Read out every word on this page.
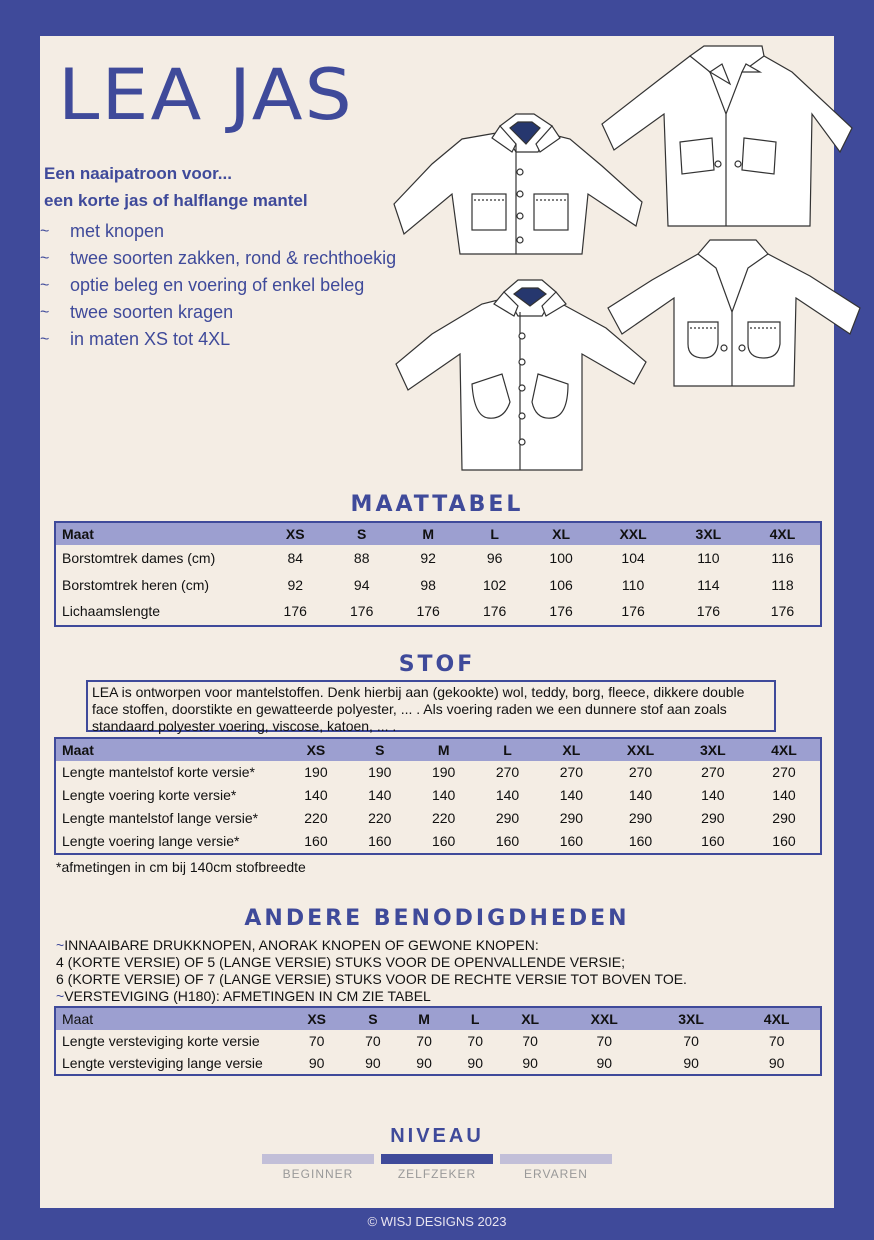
LEA JAS
Een naaipatroon voor...
een korte jas of halflange mantel
~	met knopen
~	twee soorten zakken, rond & rechthoekig
~	optie beleg en voering of enkel beleg
~	twee soorten kragen
~	in maten XS tot 4XL
MAATTABEL
Maat	XS	S	M	L	XL	XXL	3XL	4XL
Borstomtrek dames (cm)	84	88	92	96	100	104	110	116
Borstomtrek heren (cm)	92	94	98	102	106	110	114	118
Lichaamslengte	176	176	176	176	176	176	176	176
STOF
LEA is ontworpen voor mantelstoffen. Denk hierbij aan (gekookte) wol, teddy, borg, fleece, dikkere double face stoffen, doorstikte en gewatteerde polyester, ... . Als voering raden we een dunnere stof aan zoals standaard polyester voering, viscose, katoen, ... .
Maat	XS	S	M	L	XL	XXL	3XL	4XL
Lengte mantelstof korte versie*	190	190	190	270	270	270	270	270
Lengte voering korte versie*	140	140	140	140	140	140	140	140
Lengte mantelstof lange versie*	220	220	220	290	290	290	290	290
Lengte voering lange versie*	160	160	160	160	160	160	160	160
*afmetingen in cm bij 140cm stofbreedte
ANDERE BENODIGDHEDEN
~INNAAIBARE DRUKKNOPEN, ANORAK KNOPEN OF GEWONE KNOPEN:
4 (KORTE VERSIE) OF 5 (LANGE VERSIE) STUKS VOOR DE OPENVALLENDE VERSIE;
6 (KORTE VERSIE) OF 7 (LANGE VERSIE) STUKS VOOR DE RECHTE VERSIE TOT BOVEN TOE.
~VERSTEVIGING (H180): AFMETINGEN IN CM ZIE TABEL
Maat	XS	S	M	L	XL	XXL	3XL	4XL
Lengte versteviging korte versie	70	70	70	70	70	70	70	70
Lengte versteviging lange versie	90	90	90	90	90	90	90	90
NIVEAU
BEGINNER	ZELFZEKER	ERVAREN
© WISJ DESIGNS 2023
